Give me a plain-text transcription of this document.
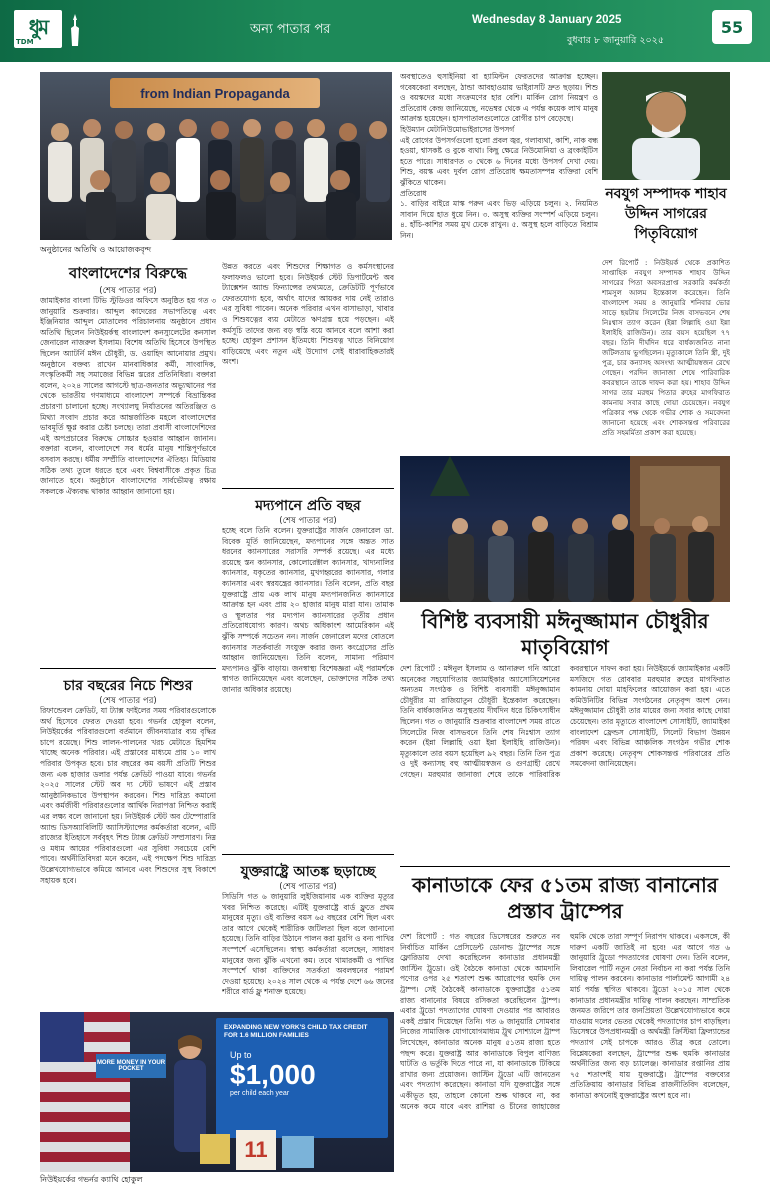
ধুম
TDM
অন্য পাতার পর
Wednesday 8 January 2025
বুধবার ৮ জানুয়ারি ২০২৫
55
from Indian Propaganda
অনুষ্ঠানের অতিথি ও আয়োজকবৃন্দ
বাংলাদেশের বিরুদ্ধে
(শেষ পাতার পর)
জামাইকার বাংলা টিভি স্টুডিওর অফিসে অনুষ্ঠিত হয় গত ৩ জানুয়ারি শুক্রবার। আব্দুল কাদেরের সভাপতিত্বে এবং ইঞ্জিনিয়ার আব্দুল মোতালেব পরিচালনায় অনুষ্ঠানে প্রধান অতিথি ছিলেন নিউইয়র্কস্থ বাংলাদেশ কনস্যুলেটের কনসাল জেনারেল নাজরুল ইসলাম। বিশেষ অতিথি হিসেবে উপস্থিত ছিলেন অ্যাটর্নি মঈন চৌধুরী, ড. ওয়াহিদ আনোয়ার প্রমুখ। অনুষ্ঠানে বক্তব্য রাখেন মানবাধিকার কর্মী, সাংবাদিক, সংস্কৃতিকর্মী সহ সমাজের বিভিন্ন স্তরের প্রতিনিধিরা। বক্তারা বলেন, ২০২৪ সালের আগস্টে ছাত্র-জনতার অভ্যুত্থানের পর থেকে ভারতীয় গণমাধ্যমে বাংলাদেশ সম্পর্কে বিভ্রান্তিকর প্রচারণা চালানো হচ্ছে। সংখ্যালঘু নির্যাতনের অতিরঞ্জিত ও মিথ্যা সংবাদ প্রচার করে আন্তর্জাতিক মহলে বাংলাদেশের ভাবমূর্তি ক্ষুণ্ণ করার চেষ্টা চলছে। তারা প্রবাসী বাংলাদেশিদের এই অপপ্রচারের বিরুদ্ধে সোচ্চার হওয়ার আহ্বান জানান। বক্তারা বলেন, বাংলাদেশে সব ধর্মের মানুষ শান্তিপূর্ণভাবে বসবাস করছে। ধর্মীয় সম্প্রীতি বাংলাদেশের ঐতিহ্য। মিডিয়ায় সঠিক তথ্য তুলে ধরতে হবে এবং বিশ্ববাসীকে প্রকৃত চিত্র জানাতে হবে। অনুষ্ঠানে বাংলাদেশের সার্বভৌমত্ব রক্ষায় সকলকে ঐক্যবদ্ধ থাকার আহ্বান জানানো হয়।
চার বছরের নিচে শিশুর
(শেষ পাতার পর)
রিফান্ডেবল ক্রেডিট, যা ট্যাক্স ফাইলের সময় পরিবারগুলোকে অর্থ হিসেবে ফেরত দেওয়া হবে। গভর্নর হোকুল বলেন, নিউইয়র্কের পরিবারগুলো বর্তমানে জীবনযাত্রার ব্যয় বৃদ্ধির চাপে রয়েছে। শিশু লালন-পালনের খরচ মেটাতে হিমশিম খাচ্ছে অনেক পরিবার। এই প্রস্তাবের মাধ্যমে প্রায় ১০ লাখ পরিবার উপকৃত হবে। চার বছরের কম বয়সী প্রতিটি শিশুর জন্য এক হাজার ডলার পর্যন্ত ক্রেডিট পাওয়া যাবে। গভর্নর ২০২৫ সালের স্টেট অব দ্য স্টেট ভাষণে এই প্রস্তাব আনুষ্ঠানিকভাবে উপস্থাপন করবেন। শিশু দারিদ্র্য কমানো এবং কর্মজীবী পরিবারগুলোর আর্থিক নিরাপত্তা নিশ্চিত করাই এর লক্ষ্য বলে জানানো হয়। নিউইয়র্ক স্টেট অব টেম্পোরারি অ্যান্ড ডিসঅ্যাবিলিটি অ্যাসিস্ট্যান্সের কর্মকর্তারা বলেন, এটি রাজ্যের ইতিহাসে সর্ববৃহৎ শিশু ট্যাক্স ক্রেডিট সম্প্রসারণ। নিম্ন ও মধ্যম আয়ের পরিবারগুলো এর সুবিধা সবচেয়ে বেশি পাবে। অর্থনীতিবিদরা মনে করেন, এই পদক্ষেপ শিশু দারিদ্র্য উল্লেখযোগ্যভাবে কমিয়ে আনবে এবং শিশুদের সুস্থ বিকাশে সহায়ক হবে।
উন্নত করতে এবং শিশুদের শিক্ষাগত ও কর্মসংস্থানের ফলাফলও ভালো হবে। নিউইয়র্ক স্টেট ডিপার্টমেন্ট অব ট্যাক্সেশন অ্যান্ড ফিন্যান্সের তথ্যমতে, ক্রেডিটটি পূর্ণভাবে ফেরতযোগ্য হবে, অর্থাৎ যাদের আয়কর দায় নেই তারাও এর সুবিধা পাবেন। অনেক পরিবার এখন বাসাভাড়া, খাবার ও শিশুযত্নের ব্যয় মেটাতে ঋণগ্রস্ত হয়ে পড়ছেন। এই কর্মসূচি তাদের জন্য বড় স্বস্তি বয়ে আনবে বলে আশা করা হচ্ছে। হোকুল প্রশাসন ইতিমধ্যে শিশুযত্ন খাতে বিনিয়োগ বাড়িয়েছে এবং নতুন এই উদ্যোগ সেই ধারাবাহিকতারই অংশ।
মদ্যপানে প্রতি বছর
(শেষ পাতার পর)
হচ্ছে বলে তিনি বলেন। যুক্তরাষ্ট্রের সার্জন জেনারেল ডা. বিবেক মূর্তি জানিয়েছেন, মদ্যপানের সঙ্গে অন্তত সাত ধরনের ক্যানসারের সরাসরি সম্পর্ক রয়েছে। এর মধ্যে রয়েছে স্তন ক্যানসার, কোলোরেক্টাল ক্যানসার, খাদ্যনালির ক্যানসার, যকৃতের ক্যানসার, মুখগহ্বরের ক্যানসার, গলার ক্যানসার এবং স্বরযন্ত্রের ক্যানসার। তিনি বলেন, প্রতি বছর যুক্তরাষ্ট্রে প্রায় এক লাখ মানুষ মদ্যপানজনিত ক্যানসারে আক্রান্ত হন এবং প্রায় ২০ হাজার মানুষ মারা যান। তামাক ও স্থূলতার পর মদ্যপান ক্যানসারের তৃতীয় প্রধান প্রতিরোধযোগ্য কারণ। অথচ অধিকাংশ আমেরিকান এই ঝুঁকি সম্পর্কে সচেতন নন। সার্জন জেনারেল মদের বোতলে ক্যানসার সতর্কবার্তা সংযুক্ত করার জন্য কংগ্রেসের প্রতি আহ্বান জানিয়েছেন। তিনি বলেন, সামান্য পরিমাণ মদ্যপানও ঝুঁকি বাড়ায়। জনস্বাস্থ্য বিশেষজ্ঞরা এই পরামর্শকে স্বাগত জানিয়েছেন এবং বলেছেন, ভোক্তাদের সঠিক তথ্য জানার অধিকার রয়েছে।
যুক্তরাষ্ট্রে আতঙ্ক ছড়াচ্ছে
(শেষ পাতার পর)
সিডিসি গত ৬ জানুয়ারি লুইজিয়ানায় এক ব্যক্তির মৃত্যুর খবর নিশ্চিত করেছে। এটিই যুক্তরাষ্ট্রে বার্ড ফ্লুতে প্রথম মানুষের মৃত্যু। ওই ব্যক্তির বয়স ৬৫ বছরের বেশি ছিল এবং তার আগে থেকেই শারীরিক জটিলতা ছিল বলে জানানো হয়েছে। তিনি বাড়ির উঠানে পালন করা মুরগি ও বন্য পাখির সংস্পর্শে এসেছিলেন। স্বাস্থ্য কর্মকর্তারা বলেছেন, সাধারণ মানুষের জন্য ঝুঁকি এখনো কম। তবে খামারকর্মী ও পাখির সংস্পর্শে থাকা ব্যক্তিদের সতর্কতা অবলম্বনের পরামর্শ দেওয়া হয়েছে। ২০২৪ সাল থেকে এ পর্যন্ত দেশে ৬৬ জনের শরীরে বার্ড ফ্লু শনাক্ত হয়েছে।
MORE MONEY IN YOUR POCKET
EXPANDING NEW YORK'S CHILD TAX CREDIT FOR 1.6 MILLION FAMILIES
Up to
$1,000
per child each year
11
নিউইয়র্কের গভর্নর ক্যাথি হোকুল
অবস্থাতেও হুসাইনিয়া বা হ্যামিল্টন ফেরতদের আক্রান্ত হচ্ছেন। গবেষকেরা বলছেন, ঠান্ডা আবহাওয়ায় ভাইরাসটি দ্রুত ছড়ায়। শিশু ও বয়স্কদের মধ্যে সংক্রমণের হার বেশি। মার্কিন রোগ নিয়ন্ত্রণ ও প্রতিরোধ কেন্দ্র জানিয়েছে, নভেম্বর থেকে এ পর্যন্ত কয়েক লাখ মানুষ আক্রান্ত হয়েছেন। হাসপাতালগুলোতে রোগীর চাপ বেড়েছে।
হিউম্যান মেটানিউমোভাইরাসের উপসর্গ
এই রোগের উপসর্গগুলো হলো প্রবল জ্বর, গলাব্যথা, কাশি, নাক বন্ধ হওয়া, শ্বাসকষ্ট ও বুকে ব্যথা। কিছু ক্ষেত্রে নিউমোনিয়া ও ব্রংকাইটিস হতে পারে। সাধারণত ৩ থেকে ৬ দিনের মধ্যে উপসর্গ দেখা দেয়। শিশু, বয়স্ক এবং দুর্বল রোগ প্রতিরোধ ক্ষমতাসম্পন্ন ব্যক্তিরা বেশি ঝুঁকিতে থাকেন।
প্রতিরোধ
১. বাড়ির বাইরে মাস্ক পরুন এবং ভিড় এড়িয়ে চলুন। ২. নিয়মিত সাবান দিয়ে হাত ধুয়ে নিন। ৩. অসুস্থ ব্যক্তির সংস্পর্শ এড়িয়ে চলুন। ৪. হাঁচি-কাশির সময় মুখ ঢেকে রাখুন। ৫. অসুস্থ হলে বাড়িতে বিশ্রাম নিন।
নবযুগ সম্পাদক শাহাব উদ্দিন সাগরের পিতৃবিয়োগ
দেশ রিপোর্ট : নিউইয়র্ক থেকে প্রকাশিত সাপ্তাহিক নবযুগ সম্পাদক শাহাব উদ্দিন সাগরের পিতা অবসরপ্রাপ্ত সরকারি কর্মকর্তা শামসুল আলম ইন্তেকাল করেছেন। তিনি বাংলাদেশ সময় ৪ জানুয়ারি শনিবার ভোর সাড়ে ছয়টায় সিলেটের নিজ বাসভবনে শেষ নিঃশ্বাস ত্যাগ করেন (ইন্না লিল্লাহি ওয়া ইন্না ইলাইহি রাজিউন)। তার বয়স হয়েছিল ৭৭ বছর। তিনি দীর্ঘদিন ধরে বার্ধক্যজনিত নানা জটিলতায় ভুগছিলেন। মৃত্যুকালে তিনি স্ত্রী, দুই পুত্র, চার কন্যাসহ অসংখ্য আত্মীয়স্বজন রেখে গেছেন। পরদিন জানাজা শেষে পারিবারিক কবরস্থানে তাকে দাফন করা হয়। শাহাব উদ্দিন সাগর তার মরহুম পিতার রুহের মাগফিরাত কামনায় সবার কাছে দোয়া চেয়েছেন। নবযুগ পত্রিকার পক্ষ থেকে গভীর শোক ও সমবেদনা জানানো হয়েছে এবং শোকসন্তপ্ত পরিবারের প্রতি সহমর্মিতা প্রকাশ করা হয়েছে।
বিশিষ্ট ব্যবসায়ী মঈনুজ্জামান চৌধুরীর মাতৃবিয়োগ
দেশ রিপোর্ট : মঈনুল ইসলাম ও আনারুল গনি আরো অনেকের সহযোগিতায় জ্যামাইকার অ্যাসোসিয়েশনের অন্যতম সংগঠক ও বিশিষ্ট ব্যবসায়ী মঈনুজ্জামান চৌধুরীর মা রাজিয়াতুন চৌধুরী ইন্তেকাল করেছেন। তিনি বার্ধক্যজনিত অসুস্থতায় দীর্ঘদিন ধরে চিকিৎসাধীন ছিলেন। গত ৩ জানুয়ারি শুক্রবার বাংলাদেশ সময় রাতে সিলেটের নিজ বাসভবনে তিনি শেষ নিঃশ্বাস ত্যাগ করেন (ইন্না লিল্লাহি ওয়া ইন্না ইলাইহি রাজিউন)। মৃত্যুকালে তার বয়স হয়েছিল ৯২ বছর। তিনি তিন পুত্র ও দুই কন্যাসহ বহু আত্মীয়স্বজন ও গুণগ্রাহী রেখে গেছেন। মরহুমার জানাজা শেষে তাকে পারিবারিক কবরস্থানে দাফন করা হয়। নিউইয়র্কে জ্যামাইকার একটি মসজিদে গত রোববার মরহুমার রুহের মাগফিরাত কামনায় দোয়া মাহফিলের আয়োজন করা হয়। এতে কমিউনিটির বিভিন্ন সংগঠনের নেতৃবৃন্দ অংশ নেন। মঈনুজ্জামান চৌধুরী তার মায়ের জন্য সবার কাছে দোয়া চেয়েছেন। তার মৃত্যুতে বাংলাদেশ সোসাইটি, জ্যামাইকা বাংলাদেশ ফ্রেন্ডস সোসাইটি, সিলেট বিভাগ উন্নয়ন পরিষদ এবং বিভিন্ন আঞ্চলিক সংগঠন গভীর শোক প্রকাশ করেছে। নেতৃবৃন্দ শোকসন্তপ্ত পরিবারের প্রতি সমবেদনা জানিয়েছেন।
কানাডাকে ফের ৫১তম রাজ্য বানানোর প্রস্তাব ট্রাম্পের
দেশ রিপোর্ট : গত বছরের ডিসেম্বরের শুরুতে নব নির্বাচিত মার্কিন প্রেসিডেন্ট ডোনাল্ড ট্রাম্পের সঙ্গে ফ্লোরিডায় দেখা করেছিলেন কানাডার প্রধানমন্ত্রী জাস্টিন ট্রুডো। ওই বৈঠকে কানাডা থেকে আমদানি পণ্যের ওপর ২৫ শতাংশ শুল্ক আরোপের হুমকি দেন ট্রাম্প। সেই বৈঠকেই কানাডাকে যুক্তরাষ্ট্রের ৫১তম রাজ্য বানানোর বিষয়ে রসিকতা করেছিলেন ট্রাম্প। এবার ট্রুডো পদত্যাগের ঘোষণা দেওয়ার পর আবারও একই প্রস্তাব দিয়েছেন তিনি। গত ৬ জানুয়ারি সোমবার নিজের সামাজিক যোগাযোগমাধ্যম ট্রুথ সোশ্যালে ট্রাম্প লিখেছেন, কানাডার অনেক মানুষ ৫১তম রাজ্য হতে পছন্দ করে। যুক্তরাষ্ট্র আর কানাডাকে বিপুল বাণিজ্য ঘাটতি ও ভর্তুকি দিতে পারে না, যা কানাডাকে টিকিয়ে রাখার জন্য প্রয়োজন। জাস্টিন ট্রুডো এটি জানতেন এবং পদত্যাগ করেছেন। কানাডা যদি যুক্তরাষ্ট্রের সঙ্গে একীভূত হয়, তাহলে কোনো শুল্ক থাকবে না, কর অনেক কমে যাবে এবং রাশিয়া ও চীনের জাহাজের হুমকি থেকে তারা সম্পূর্ণ নিরাপদ থাকবে। একসঙ্গে, কী দারুণ একটি জাতিই না হবে! এর আগে গত ৬ জানুয়ারি ট্রুডো পদত্যাগের ঘোষণা দেন। তিনি বলেন, লিবারেল পার্টি নতুন নেতা নির্বাচন না করা পর্যন্ত তিনি দায়িত্ব পালন করবেন। কানাডার পার্লামেন্ট আগামী ২৪ মার্চ পর্যন্ত স্থগিত থাকবে। ট্রুডো ২০১৫ সাল থেকে কানাডার প্রধানমন্ত্রীর দায়িত্ব পালন করছেন। সাম্প্রতিক জনমত জরিপে তার জনপ্রিয়তা উল্লেখযোগ্যভাবে কমে যাওয়ায় দলের ভেতর থেকেই পদত্যাগের চাপ বাড়ছিল। ডিসেম্বরে উপপ্রধানমন্ত্রী ও অর্থমন্ত্রী ক্রিস্টিয়া ফ্রিল্যান্ডের পদত্যাগ সেই চাপকে আরও তীব্র করে তোলে। বিশ্লেষকেরা বলছেন, ট্রাম্পের শুল্ক হুমকি কানাডার অর্থনীতির জন্য বড় চ্যালেঞ্জ। কানাডার রপ্তানির প্রায় ৭৫ শতাংশই যায় যুক্তরাষ্ট্রে। ট্রাম্পের বক্তব্যের প্রতিক্রিয়ায় কানাডার বিভিন্ন রাজনীতিবিদ বলেছেন, কানাডা কখনোই যুক্তরাষ্ট্রের অংশ হবে না।
